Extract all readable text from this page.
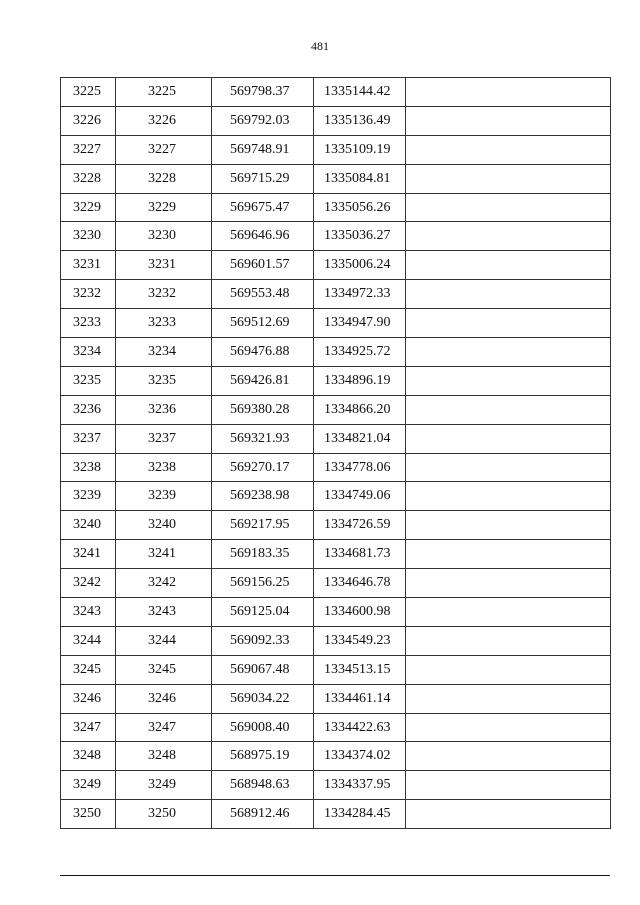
481
3225	3225	569798.37	1335144.42	
3226	3226	569792.03	1335136.49	
3227	3227	569748.91	1335109.19	
3228	3228	569715.29	1335084.81	
3229	3229	569675.47	1335056.26	
3230	3230	569646.96	1335036.27	
3231	3231	569601.57	1335006.24	
3232	3232	569553.48	1334972.33	
3233	3233	569512.69	1334947.90	
3234	3234	569476.88	1334925.72	
3235	3235	569426.81	1334896.19	
3236	3236	569380.28	1334866.20	
3237	3237	569321.93	1334821.04	
3238	3238	569270.17	1334778.06	
3239	3239	569238.98	1334749.06	
3240	3240	569217.95	1334726.59	
3241	3241	569183.35	1334681.73	
3242	3242	569156.25	1334646.78	
3243	3243	569125.04	1334600.98	
3244	3244	569092.33	1334549.23	
3245	3245	569067.48	1334513.15	
3246	3246	569034.22	1334461.14	
3247	3247	569008.40	1334422.63	
3248	3248	568975.19	1334374.02	
3249	3249	568948.63	1334337.95	
3250	3250	568912.46	1334284.45	
